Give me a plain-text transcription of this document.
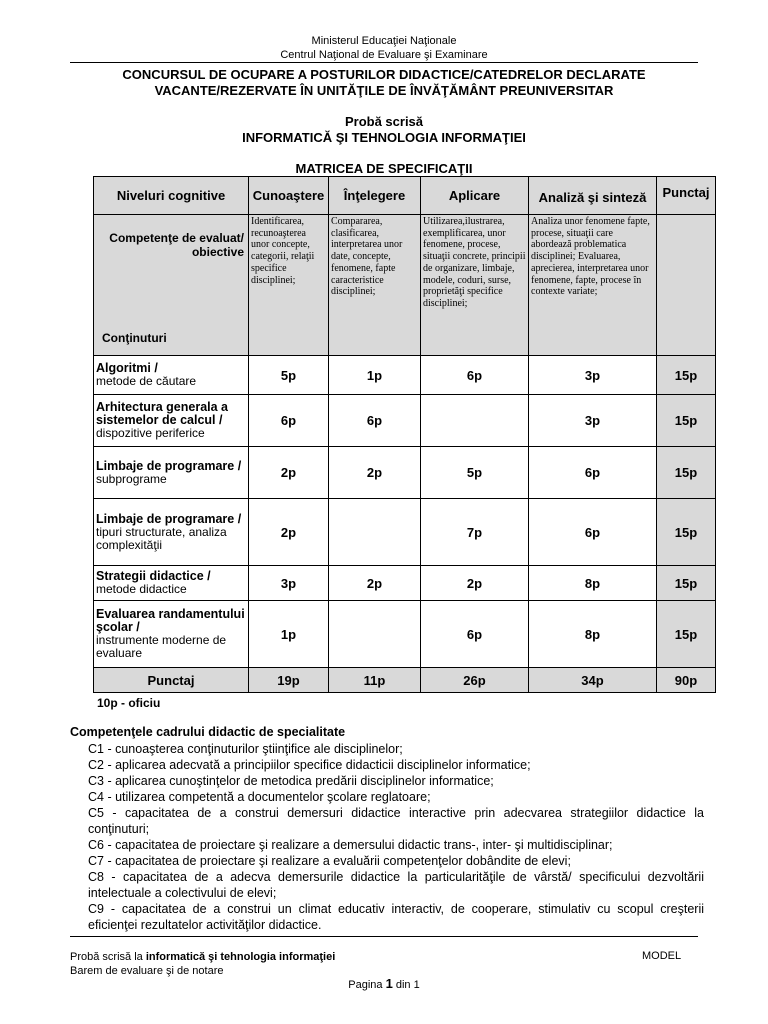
Ministerul Educaţiei Naţionale
Centrul Naţional de Evaluare şi Examinare
CONCURSUL DE OCUPARE A POSTURILOR DIDACTICE/CATEDRELOR DECLARATE
VACANTE/REZERVATE ÎN UNITĂŢILE DE ÎNVĂŢĂMÂNT PREUNIVERSITAR
Probă scrisă
INFORMATICĂ ŞI TEHNOLOGIA INFORMAŢIEI
MATRICEA DE SPECIFICAŢII
Niveluri cognitive	Cunoaştere	Înţelegere	Aplicare	Analiză şi sinteză	Punctaj

Competenţe de evaluat/ obiective
Conţinuturi	Identificarea, recunoaşterea unor concepte, categorii, relaţii specifice disciplinei;	Compararea, clasificarea, interpretarea unor date, concepte, fenomene, fapte caracteristice disciplinei;	Utilizarea,ilustrarea, exemplificarea, unor fenomene, procese, situaţii concrete, principii de organizare, limbaje, modele, coduri, surse, proprietăţi specifice disciplinei;	Analiza unor fenomene fapte, procese, situaţii care abordează problematica disciplinei; Evaluarea, aprecierea, interpretarea unor fenomene, fapte, procese în contexte variate;	
Algoritmi /
metode de căutare	5p	1p	6p	3p	15p
Arhitectura generala a sistemelor de calcul /
dispozitive periferice	6p	6p		3p	15p
Limbaje de programare /
subprograme	2p	2p	5p	6p	15p
Limbaje de programare /
tipuri structurate, analiza complexităţii	2p		7p	6p	15p
Strategii didactice /
metode didactice	3p	2p	2p	8p	15p
Evaluarea randamentului şcolar /
instrumente moderne de evaluare	1p		6p	8p	15p
Punctaj	19p	11p	26p	34p	90p
10p - oficiu
Competenţele cadrului didactic de specialitate
C1 - cunoaşterea conţinuturilor ştiinţifice ale disciplinelor;
C2 - aplicarea adecvată a principiilor specifice didacticii disciplinelor informatice;
C3 - aplicarea cunoştinţelor de metodica predării disciplinelor informatice;
C4 - utilizarea competentă a documentelor şcolare reglatoare;
C5 - capacitatea de a construi demersuri didactice interactive prin adecvarea strategiilor didactice la conţinuturi;
C6 - capacitatea de proiectare şi realizare a demersului didactic trans-, inter- şi multidisciplinar;
C7 - capacitatea de proiectare şi realizare a evaluării competenţelor dobândite de elevi;
C8 - capacitatea de a adecva demersurile didactice la particularităţile de vârstă/ specificului dezvoltării intelectuale a colectivului de elevi;
C9 - capacitatea de a construi un climat educativ interactiv, de cooperare, stimulativ cu scopul creşterii eficienţei rezultatelor activităţilor didactice.
Probă scrisă la informatică şi tehnologia informaţiei
Barem de evaluare şi de notare
MODEL
Pagina 1 din 1
